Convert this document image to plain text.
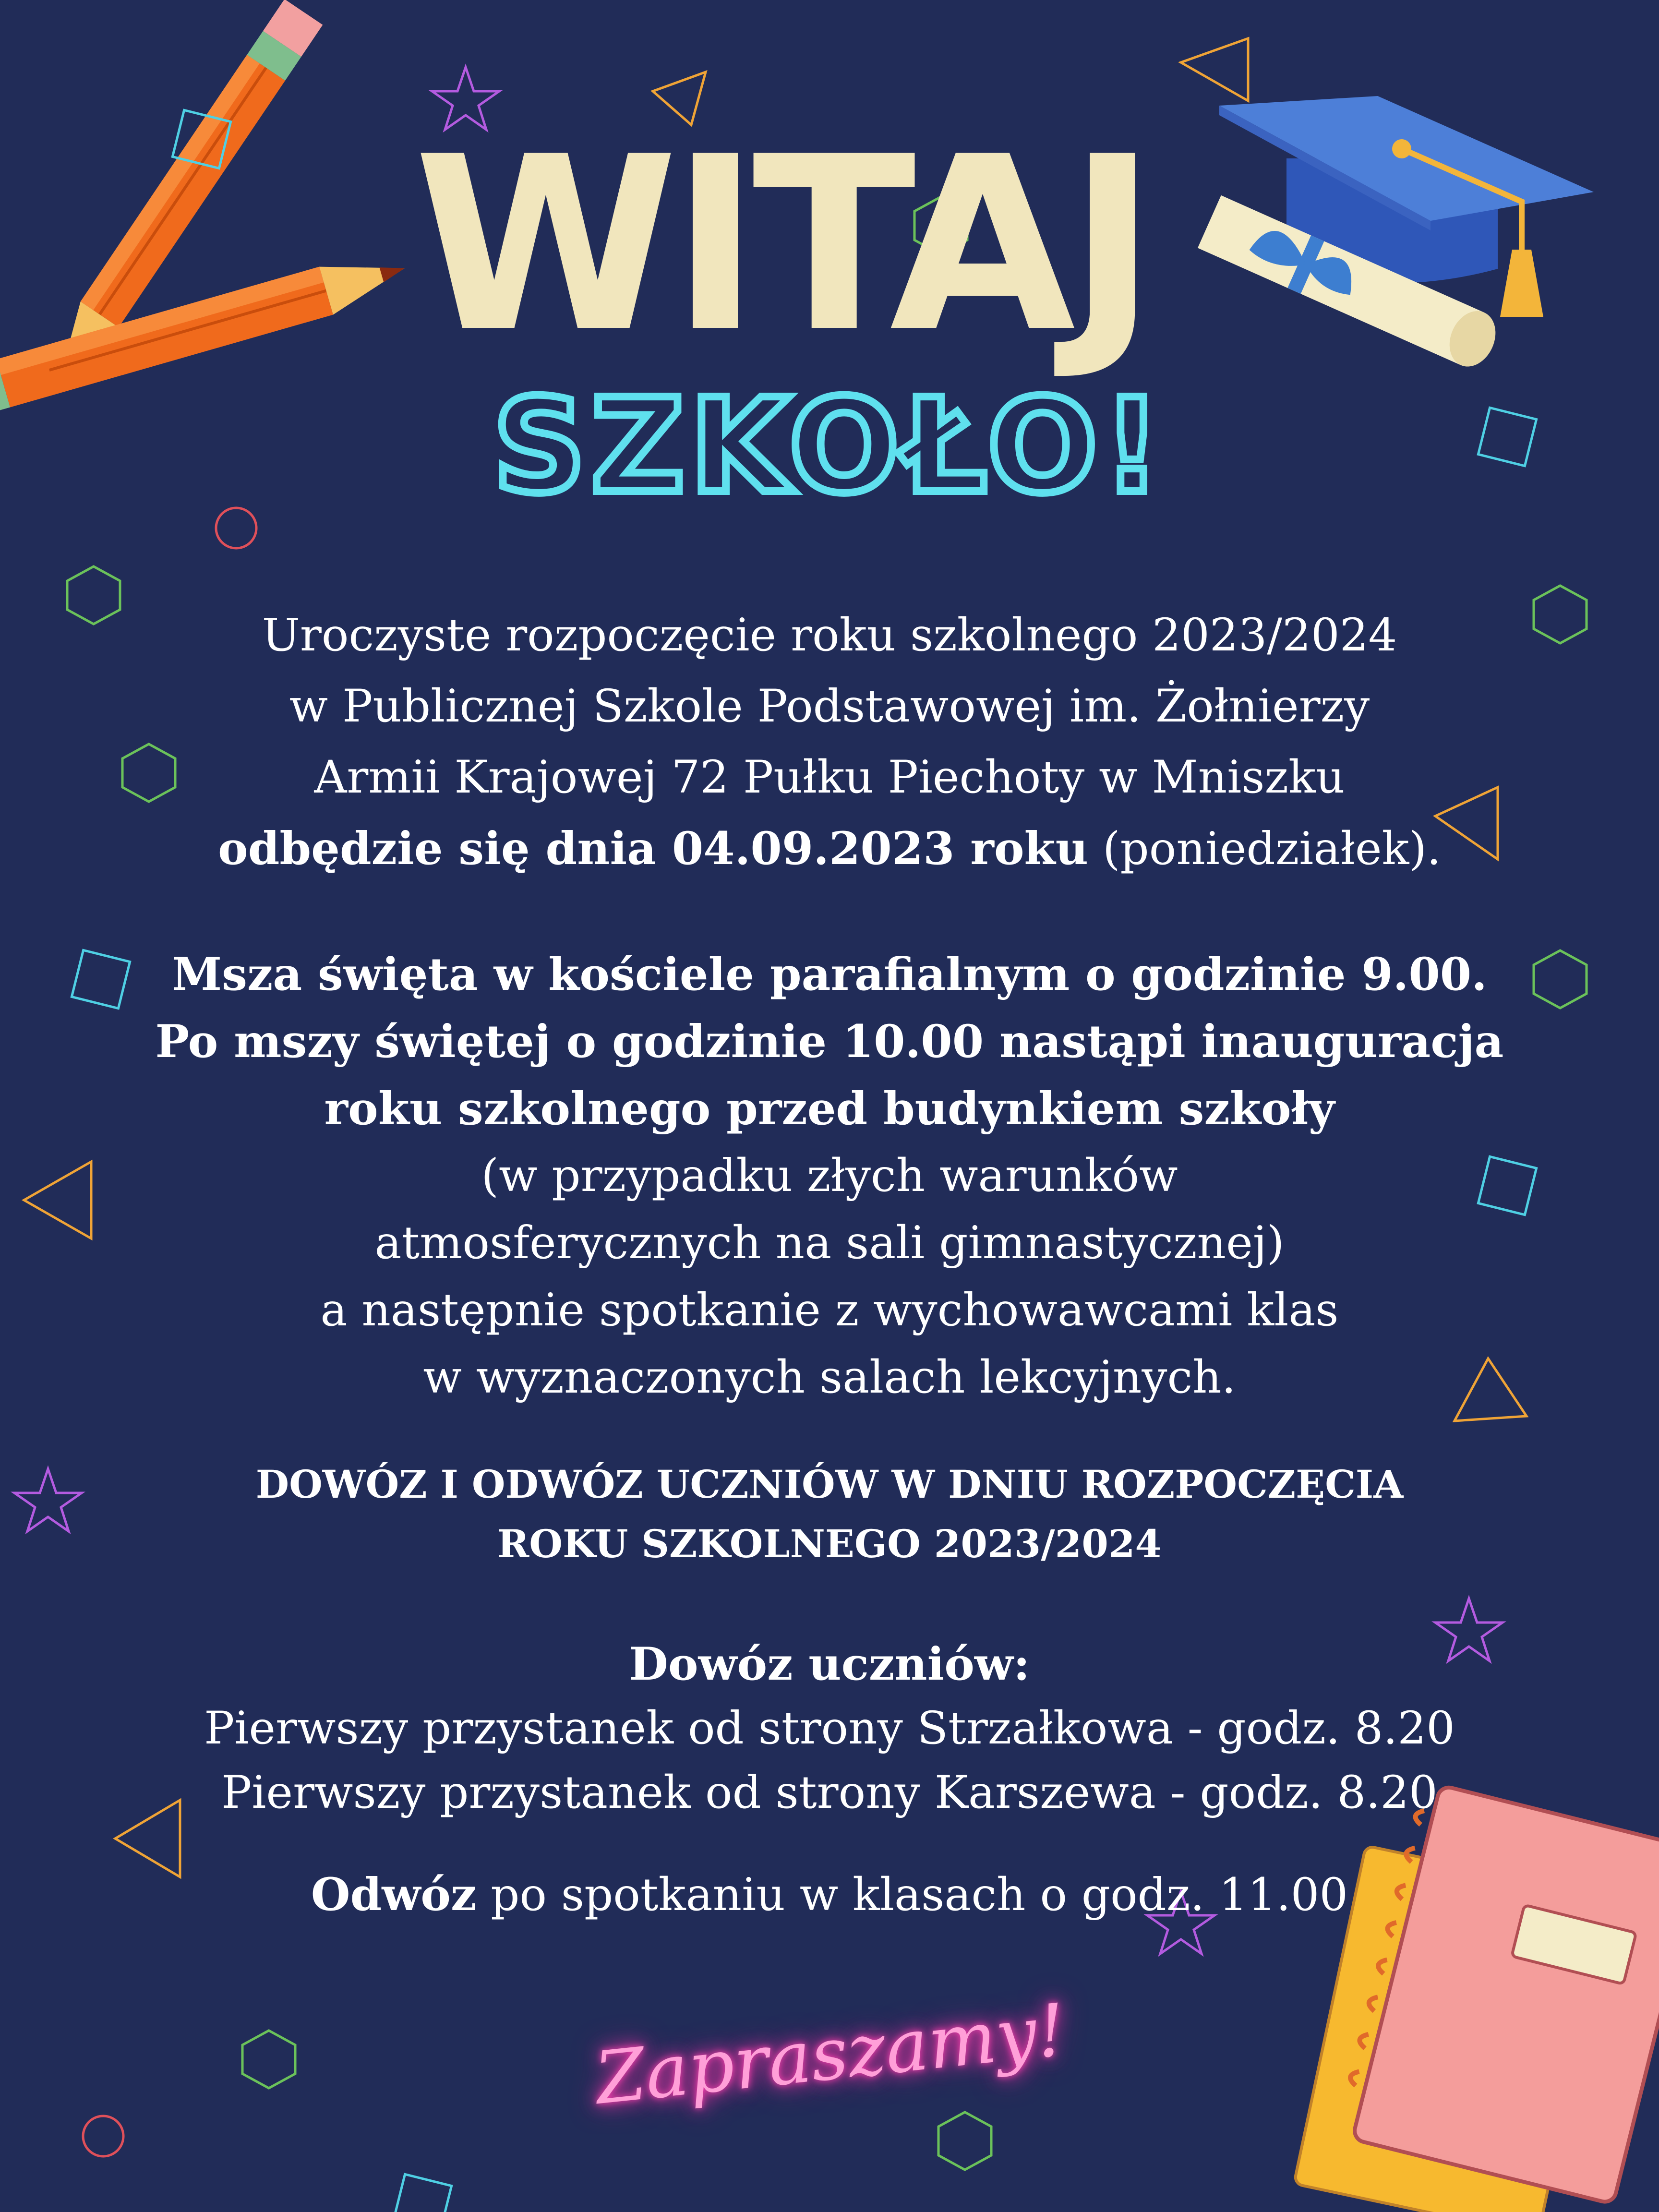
WITAJ
SZKOŁO!
Uroczyste rozpoczęcie roku szkolnego 2023/2024
w Publicznej Szkole Podstawowej im. Żołnierzy
Armii Krajowej 72 Pułku Piechoty w Mniszku
odbędzie się dnia 04.09.2023 roku (poniedziałek).
Msza święta w kościele parafialnym o godzinie 9.00.
Po mszy świętej o godzinie 10.00 nastąpi inauguracja
roku szkolnego przed budynkiem szkoły
(w przypadku złych warunków
atmosferycznych na sali gimnastycznej)
a następnie spotkanie z wychowawcami klas
w wyznaczonych salach lekcyjnych.
DOWÓZ I ODWÓZ UCZNIÓW W DNIU ROZPOCZĘCIA
ROKU SZKOLNEGO 2023/2024
Dowóz uczniów:
Pierwszy przystanek od strony Strzałkowa - godz. 8.20
Pierwszy przystanek od strony Karszewa - godz. 8.20
Odwóz po spotkaniu w klasach o godz. 11.00
Zapraszamy!
